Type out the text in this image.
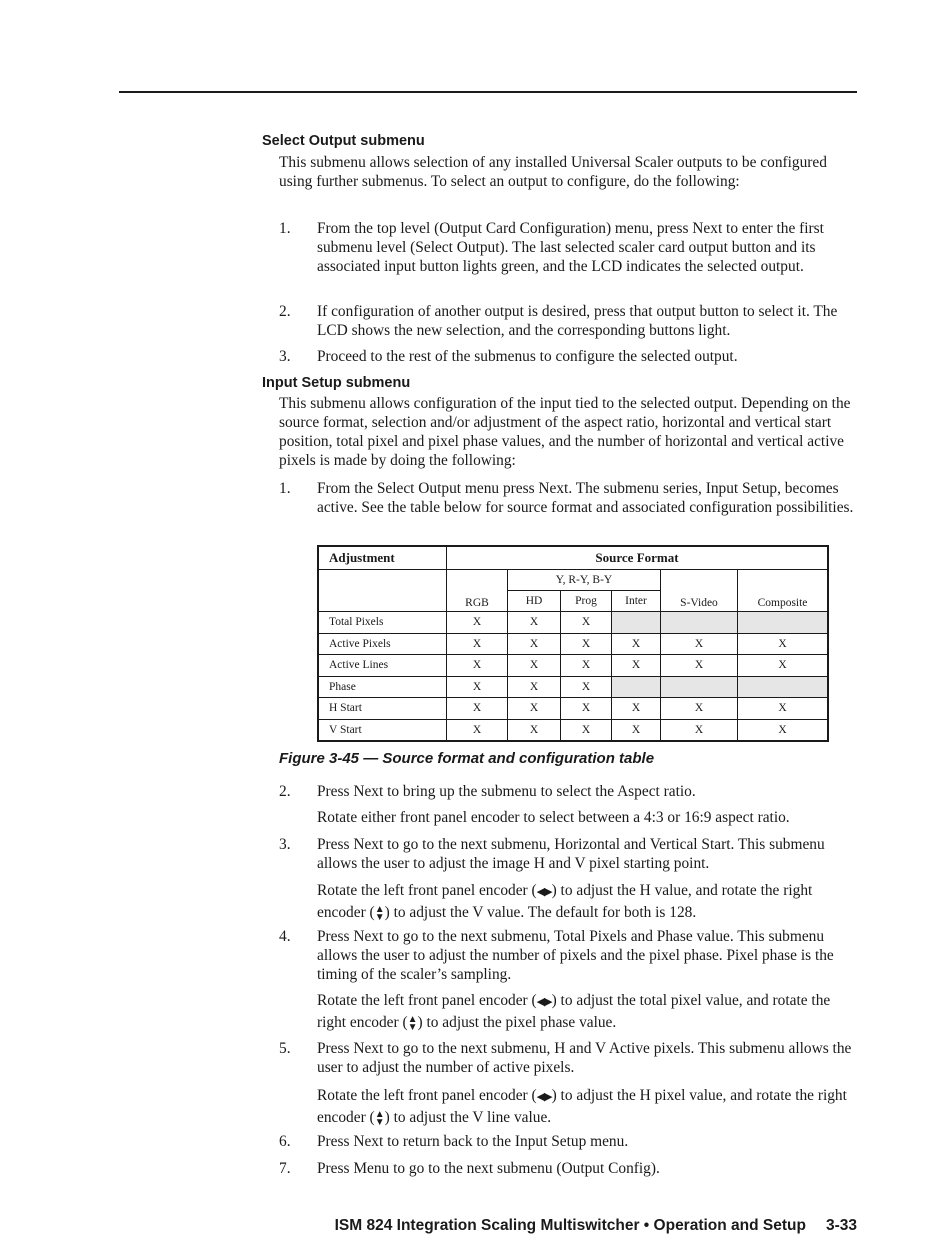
Select Output submenu
This submenu allows selection of any installed Universal Scaler outputs to be configured using further submenus. To select an output to configure, do the following:
1. From the top level (Output Card Configuration) menu, press Next to enter the first submenu level (Select Output). The last selected scaler card output button and its associated input button lights green, and the LCD indicates the selected output.
2. If configuration of another output is desired, press that output button to select it. The LCD shows the new selection, and the corresponding buttons light.
3. Proceed to the rest of the submenus to configure the selected output.
Input Setup submenu
This submenu allows configuration of the input tied to the selected output. Depending on the source format, selection and/or adjustment of the aspect ratio, horizontal and vertical start position, total pixel and pixel phase values, and the number of horizontal and vertical active pixels is made by doing the following:
1. From the Select Output menu press Next. The submenu series, Input Setup, becomes active. See the table below for source format and associated configuration possibilities.
Adjustment	Source Format					
	RGB	Y, R-Y, B-Y			S-Video	Composite
		HD	Prog	Inter		
Total Pixels	X	X	X			
Active Pixels	X	X	X	X	X	X
Active Lines	X	X	X	X	X	X
Phase	X	X	X			
H Start	X	X	X	X	X	X
V Start	X	X	X	X	X	X
Figure 3-45 — Source format and configuration table
2. Press Next to bring up the submenu to select the Aspect ratio.
Rotate either front panel encoder to select between a 4:3 or 16:9 aspect ratio.
3. Press Next to go to the next submenu, Horizontal and Vertical Start. This submenu allows the user to adjust the image H and V pixel starting point.
Rotate the left front panel encoder (◀▶) to adjust the H value, and rotate the right encoder (▲
▼) to adjust the V value. The default for both is 128.
4. Press Next to go to the next submenu, Total Pixels and Phase value. This submenu allows the user to adjust the number of pixels and the pixel phase. Pixel phase is the timing of the scaler’s sampling.
Rotate the left front panel encoder (◀▶) to adjust the total pixel value, and rotate the right encoder (▲
▼) to adjust the pixel phase value.
5. Press Next to go to the next submenu, H and V Active pixels. This submenu allows the user to adjust the number of active pixels.
Rotate the left front panel encoder (◀▶) to adjust the H pixel value, and rotate the right encoder (▲
▼) to adjust the V line value.
6. Press Next to return back to the Input Setup menu.
7. Press Menu to go to the next submenu (Output Config).
ISM 824 Integration Scaling Multiswitcher • Operation and Setup 3-33
